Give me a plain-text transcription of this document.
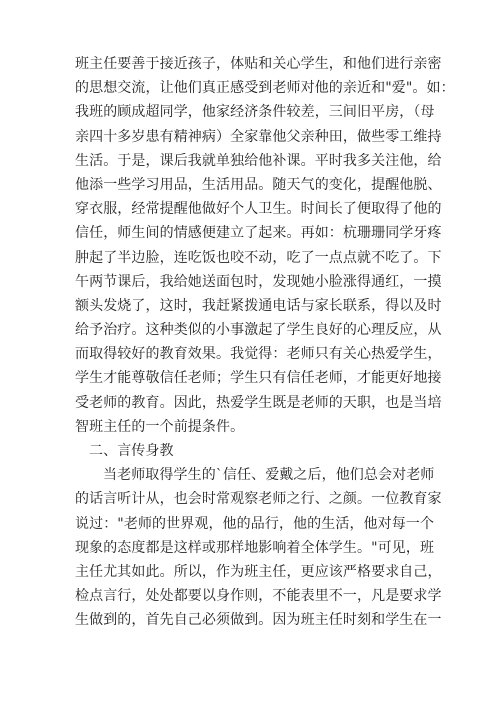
班主任要善于接近孩子，体贴和关心学生，和他们进行亲密
的思想交流，让他们真正感受到老师对他的亲近和"爱"。如：
我班的顾成超同学，他家经济条件较差，三间旧平房，（母
亲四十多岁患有精神病）全家靠他父亲种田，做些零工维持
生活。于是，课后我就单独给他补课。平时我多关注他，给
他添一些学习用品，生活用品。随天气的变化，提醒他脱、
穿衣服，经常提醒他做好个人卫生。时间长了便取得了他的
信任，师生间的情感便建立了起来。再如：杭珊珊同学牙疼
肿起了半边脸，连吃饭也咬不动，吃了一点点就不吃了。下
午两节课后，我给她送面包时，发现她小脸涨得通红，一摸
额头发烧了，这时，我赶紧拨通电话与家长联系，得以及时
给予治疗。这种类似的小事激起了学生良好的心理反应，从
而取得较好的教育效果。我觉得：老师只有关心热爱学生，
学生才能尊敬信任老师；学生只有信任老师，才能更好地接
受老师的教育。因此，热爱学生既是老师的天职，也是当培
智班主任的一个前提条件。
二、言传身教
当老师取得学生的`信任、爱戴之后，他们总会对老师
的话言听计从，也会时常观察老师之行、之颜。一位教育家
说过："老师的世界观，他的品行，他的生活，他对每一个
现象的态度都是这样或那样地影响着全体学生。"可见，班
主任尤其如此。所以，作为班主任，更应该严格要求自己，
检点言行，处处都要以身作则，不能表里不一，凡是要求学
生做到的，首先自己必须做到。因为班主任时刻和学生在一
